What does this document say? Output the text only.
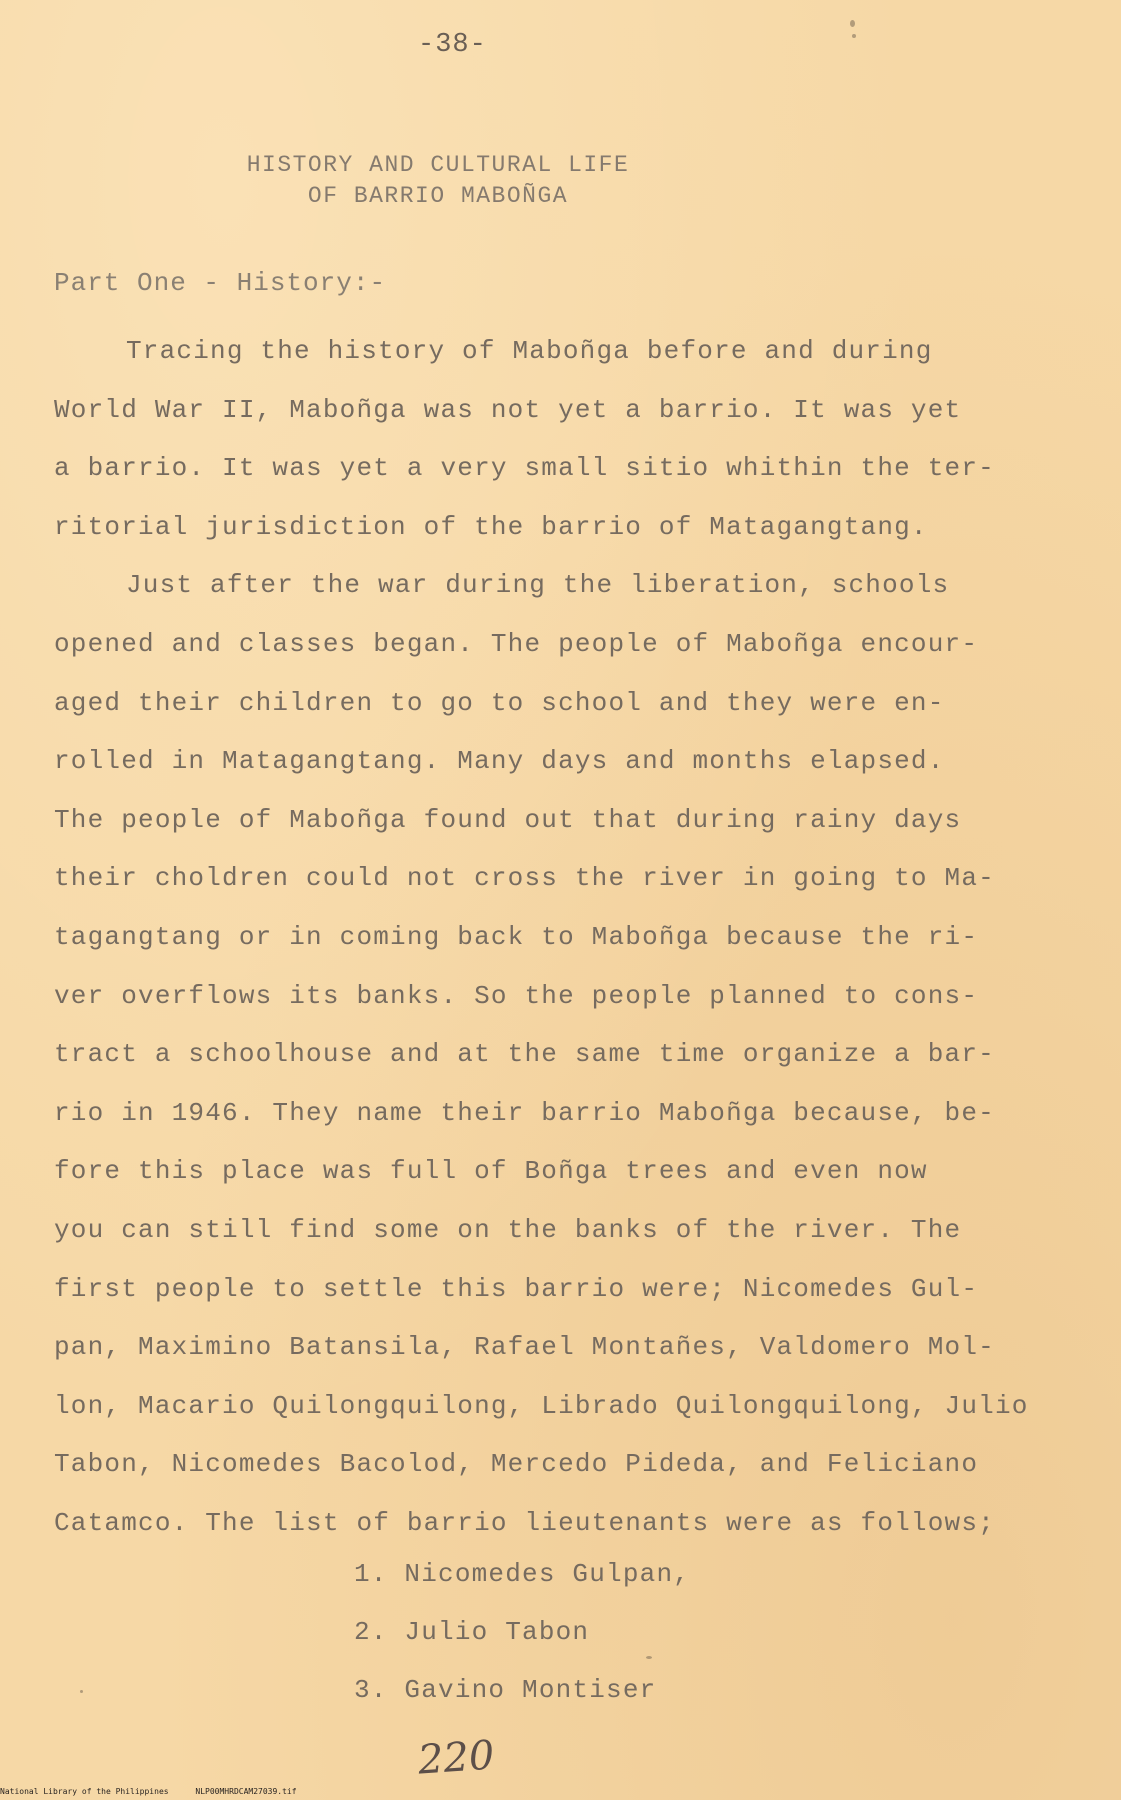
-38-
HISTORY AND CULTURAL LIFE
OF BARRIO MABOÑGA
Part One - History:-
Tracing the history of Maboñga before and during
World War II, Maboñga was not yet a barrio. It was yet
a barrio. It was yet a very small sitio whithin the ter-
ritorial jurisdiction of the barrio of Matagangtang.
Just after the war during the liberation, schools
opened and classes began. The people of Maboñga encour-
aged their children to go to school and they were en-
rolled in Matagangtang. Many days and months elapsed.
The people of Maboñga found out that during rainy days
their choldren could not cross the river in going to Ma-
tagangtang or in coming back to Maboñga because the ri-
ver overflows its banks. So the people planned to cons-
tract a schoolhouse and at the same time organize a bar-
rio in 1946. They name their barrio Maboñga because, be-
fore this place was full of Boñga trees and even now
you can still find some on the banks of the river. The
first people to settle this barrio were; Nicomedes Gul-
pan, Maximino Batansila, Rafael Montañes, Valdomero Mol-
lon, Macario Quilongquilong, Librado Quilongquilong, Julio
Tabon, Nicomedes Bacolod, Mercedo Pideda, and Feliciano
Catamco. The list of barrio lieutenants were as follows;
1. Nicomedes Gulpan,
2. Julio Tabon
3. Gavino Montiser
220
National Library of the Philippines	NLP00MHRDCAM27039.tif
